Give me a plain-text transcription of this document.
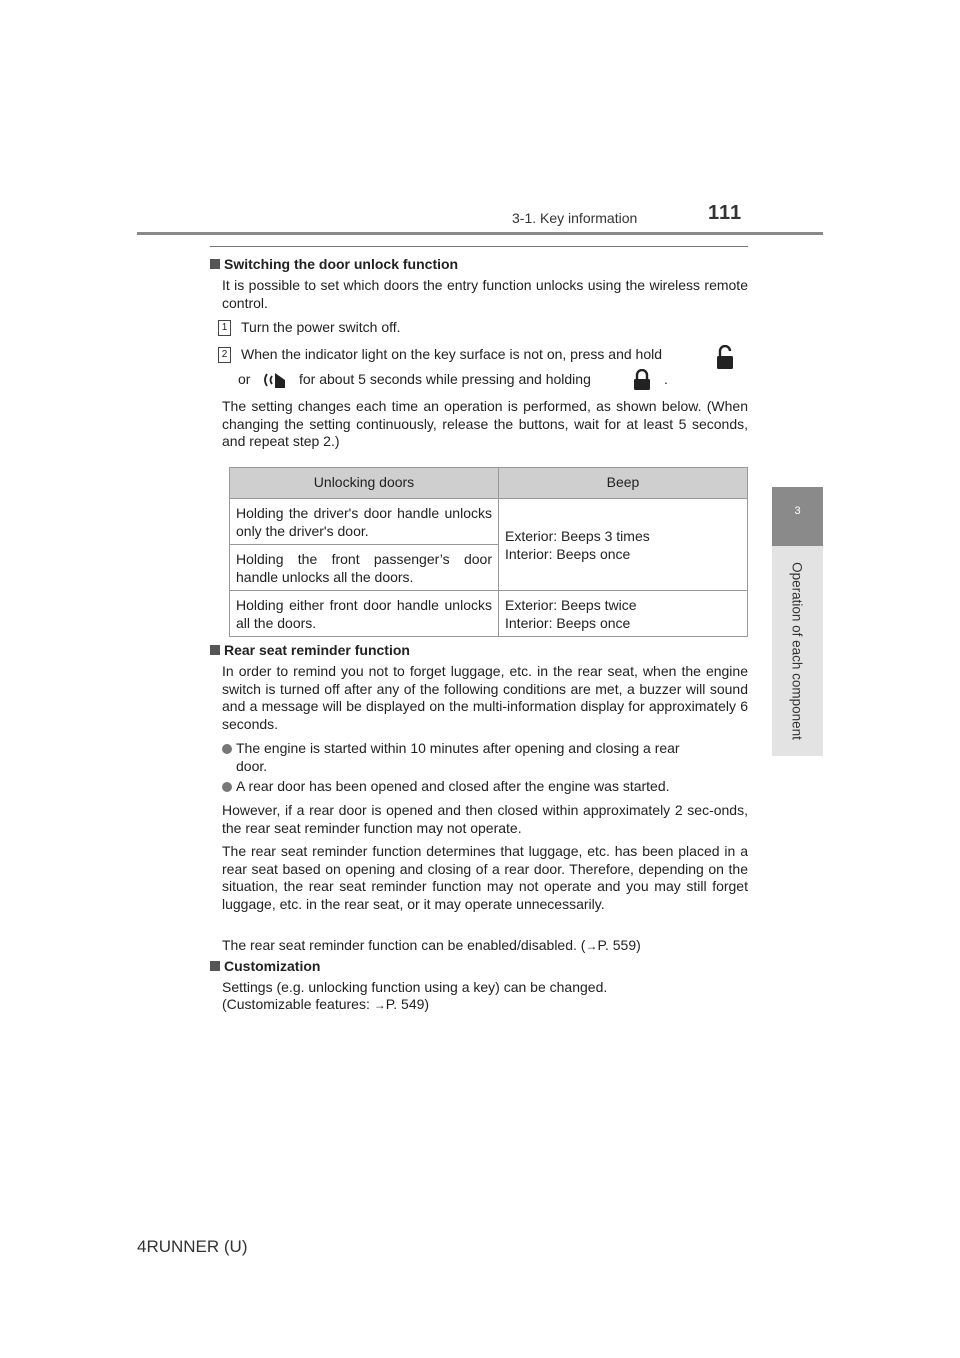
3-1. Key information	111
3
Operation of each component
Switching the door unlock function
It is possible to set which doors the entry function unlocks using the wireless remote control.
1 Turn the power switch off.
2 When the indicator light on the key surface is not on, press and hold
or	for about 5 seconds while pressing and holding	.
The setting changes each time an operation is performed, as shown below. (When changing the setting continuously, release the buttons, wait for at least 5 seconds, and repeat step 2.)
Rear seat reminder function
In order to remind you not to forget luggage, etc. in the rear seat, when the engine switch is turned off after any of the following conditions are met, a buzzer will sound and a message will be displayed on the multi-information display for approximately 6 seconds.
The engine is started within 10 minutes after opening and closing a rear
door.
A rear door has been opened and closed after the engine was started.
However, if a rear door is opened and then closed within approximately 2 sec-onds, the rear seat reminder function may not operate.
The rear seat reminder function determines that luggage, etc. has been placed in a rear seat based on opening and closing of a rear door. Therefore, depending on the situation, the rear seat reminder function may not operate and you may still forget luggage, etc. in the rear seat, or it may operate unnecessarily.
The rear seat reminder function can be enabled/disabled. (→P. 559)
Customization
Settings (e.g. unlocking function using a key) can be changed.
(Customizable features: →P. 549)
Unlocking doors	Beep
Holding the driver's door handle unlocks only the driver's door.	Exterior: Beeps 3 times
Interior: Beeps once

Holding the front passenger’s door handle unlocks all the doors.	
Holding either front door handle unlocks all the doors.	Exterior: Beeps twice
Interior: Beeps once
4RUNNER (U)
